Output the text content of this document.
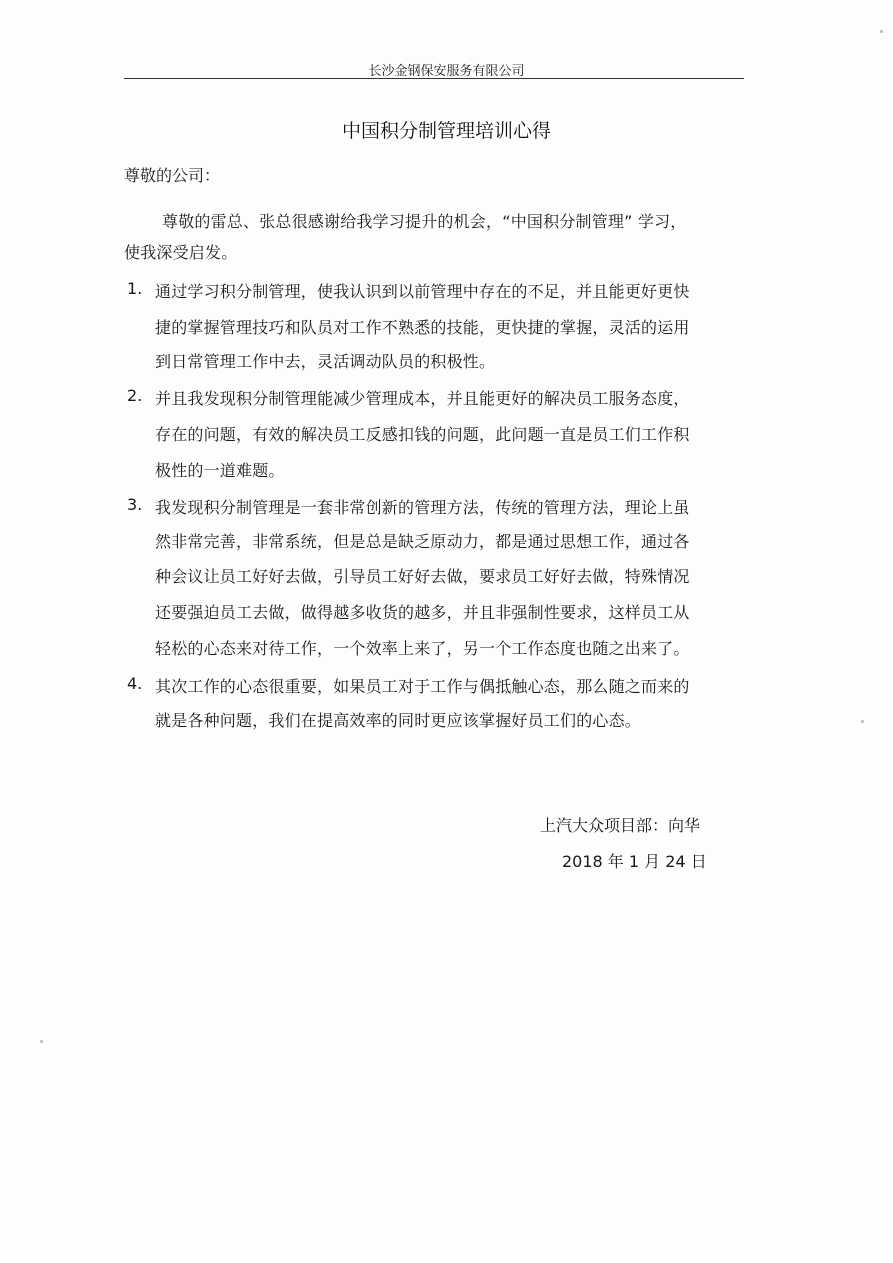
长沙金钢保安服务有限公司
中国积分制管理培训心得
尊敬的公司：
尊敬的雷总、张总很感谢给我学习提升的机会，“中国积分制管理” 学习，
使我深受启发。
1. 通过学习积分制管理，使我认识到以前管理中存在的不足，并且能更好更快
捷的掌握管理技巧和队员对工作不熟悉的技能，更快捷的掌握，灵活的运用
到日常管理工作中去，灵活调动队员的积极性。
2. 并且我发现积分制管理能减少管理成本，并且能更好的解决员工服务态度，
存在的问题，有效的解决员工反感扣钱的问题，此问题一直是员工们工作积
极性的一道难题。
3. 我发现积分制管理是一套非常创新的管理方法，传统的管理方法，理论上虽
然非常完善，非常系统，但是总是缺乏原动力，都是通过思想工作，通过各
种会议让员工好好去做，引导员工好好去做，要求员工好好去做，特殊情况
还要强迫员工去做，做得越多收货的越多，并且非强制性要求，这样员工从
轻松的心态来对待工作，一个效率上来了，另一个工作态度也随之出来了。
4. 其次工作的心态很重要，如果员工对于工作与偶抵触心态，那么随之而来的
就是各种问题，我们在提高效率的同时更应该掌握好员工们的心态。
上汽大众项目部：向华
2018 年 1 月 24 日
